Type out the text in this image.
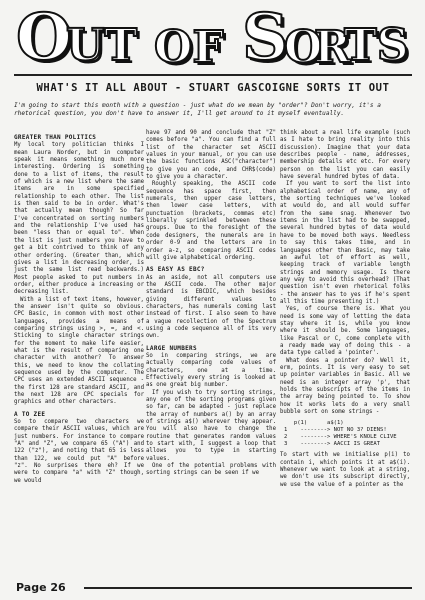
O
UT OF S
O
R
TS
WHAT'S IT ALL ABOUT - STUART GASCOIGNE SORTS IT OUT
I'm going to start this month with a question - just what do we mean by "order"? Don't worry, it's a rhetorical question, you don't have to answer it, I'll get around to it myself eventually.
GREATER THAN POLITICS

My local tory politician thinks I mean Laura Norder, but in computer speak it means something much more interesting. Ordering is something done to a list of items, the result of which is a new list where the same items are in some specified relationship to each other. The list is then said to be in order. What's that actually mean though? So far I've concentrated on sorting numbers and the relationship I've used has been "less than or equal to". When the list is just numbers you have to get a bit contrived to think of any other ordering. (Greater than, which gives a list in decreasing order, is just the same list read backwards.) Most people asked to put numbers in order, either produce a increasing or decreasing list.

With a list of text items, however, the answer isn't quite so obvious. CPC Basic, in common with most other languages, provides a means of comparing strings using >, =, and <. Sticking to single character strings for the moment to make life easier, what is the result of comparing one character with another? To answer this, we need to know the collating sequence used by the computer. The CPC uses an extended ASCII sequence - the first 128 are standard ASCII, and the next 128 are CPC specials for graphics and other characters.

A TO ZEE

So to compare two characters we compare their ASCII values, which are just numbers. For instance to compare "A" and "Z", we compare 65 ("A") and 122 ("z"), and noting that 65 is less than 122, we could put "A" before "z". No surprises there eh? If we were to compare "a" with "Z" though, we would

have 97 and 90 and conclude that "Z" comes before "a". You can find a full list of the character set ASCII values in your manual, or you can use the basic functions ASC("character") to give you an code, and CHR$(code) to give you a character.

Roughly speaking, the ASCII code sequence has space first, then numerals, then upper case letters, then lower case letters, with punctuation (brackets, commas etc) liberally sprinkled between these groups. Due to the foresight of the code designers, the numerals are in order 0-9 and the letters are in order a-z, so comparing ASCII codes will give alphabetical ordering.

AS EASY AS EBC?

As an aside, not all computers use the ASCII code. The other major standard is EBCDIC, which besides giving different values to characters, has numerals coming last instead of first. I also seem to have a vague recollection of the Spectrum using a code sequence all of its very own.

LARGE NUMBERS

So in comparing strings, we are actually comparing code values of characters, one at a time. Effectively every string is looked at as one great big number.

If you wish to try sorting strings, any one of the sorting programs given so far, can be adapted - just replace the array of numbers a() by an array of strings a$() wherever they appear. You will also have to change the routine that generates random values to start with, I suggest a loop that allows you to type in starting values.

One of the potential problems with sorting strings can be seen if we

think about a real life example (such as I hate to bring reality into this discussion). Imagine that your data describes people - name, addresses, membership details etc etc. For every person on the list you can easily have several hundred bytes of data.

If you want to sort the list into alphabetical order of name, any of the sorting techniques we've looked at would do, and all would suffer from the same snag. Whenever two items in the list had to be swapped, several hundred bytes of data would have to be moved both ways. Needless to say this takes time, and in languages other than Basic, may take an awful lot of effort as well, keeping track of variable length strings and memory usage. Is there any way to avoid this overhead? (That question isn't even rhetorical folks - the answer has to yes if he's spent all this time presenting it.)

Yes, of course there is. What you need is some way of letting the data stay where it is, while you know where it should be. Some languages, like Pascal or C, come complete with a ready made way of doing this - a data type called a 'pointer'.

What does a pointer do? Well it, erm, points. It is very easy to set up pointer variables in Basic. All we need is an integer array 'p', that holds the subscripts of the items in the array being pointed to. To show how it works lets do a very small bubble sort on some strings -

p(1)      a$(1)
1    --------> NOT NO 3? DIENS!
2    --------> WHERE'S KNOLE CLIVE
3    --------> AACCI IS GREAT

To start with we initialise p(i) to contain i, which points it at a$(i). Whenever we want to look at a string, we don't use its subscript directly, we use the value of a pointer as the

Page 26
